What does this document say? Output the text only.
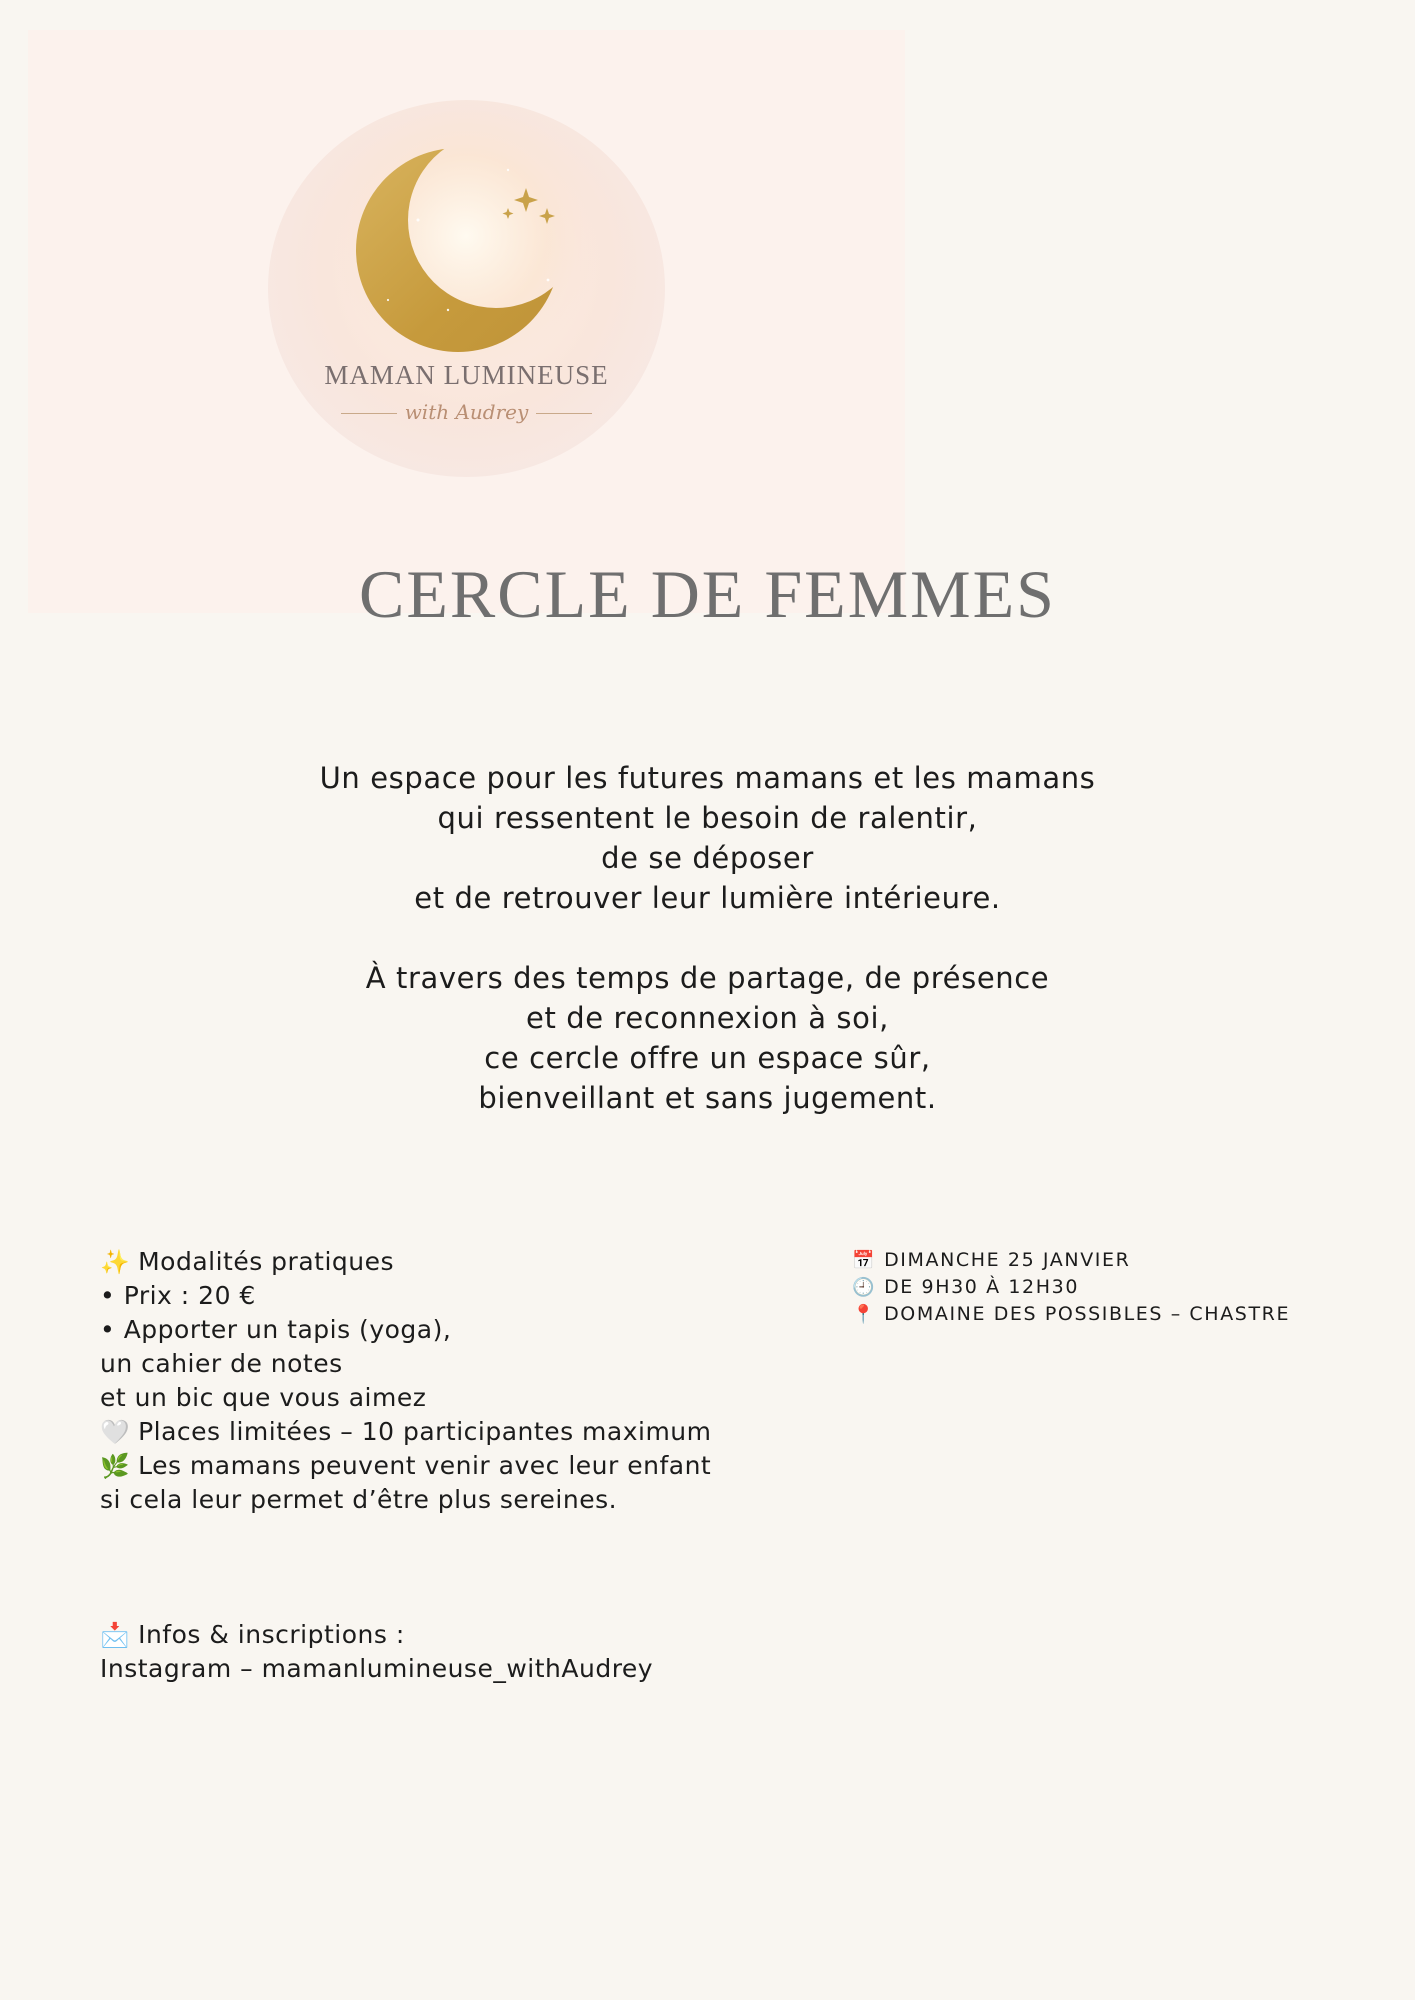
MAMAN LUMINEUSE
with Audrey
CERCLE DE FEMMES

Un espace pour les futures mamans et les mamans
qui ressentent le besoin de ralentir,
de se déposer
et de retrouver leur lumière intérieure.

À travers des temps de partage, de présence
et de reconnexion à soi,
ce cercle offre un espace sûr,
bienveillant et sans jugement.

✨ Modalités pratiques
• Prix : 20 €
• Apporter un tapis (yoga),
un cahier de notes
et un bic que vous aimez
🤍 Places limitées – 10 participantes maximum
🌿 Les mamans peuvent venir avec leur enfant
si cela leur permet d’être plus sereines.
📅 DIMANCHE 25 JANVIER
🕘 DE 9H30 À 12H30
📍 DOMAINE DES POSSIBLES – CHASTRE
📩 Infos & inscriptions :
Instagram – mamanlumineuse_withAudrey
